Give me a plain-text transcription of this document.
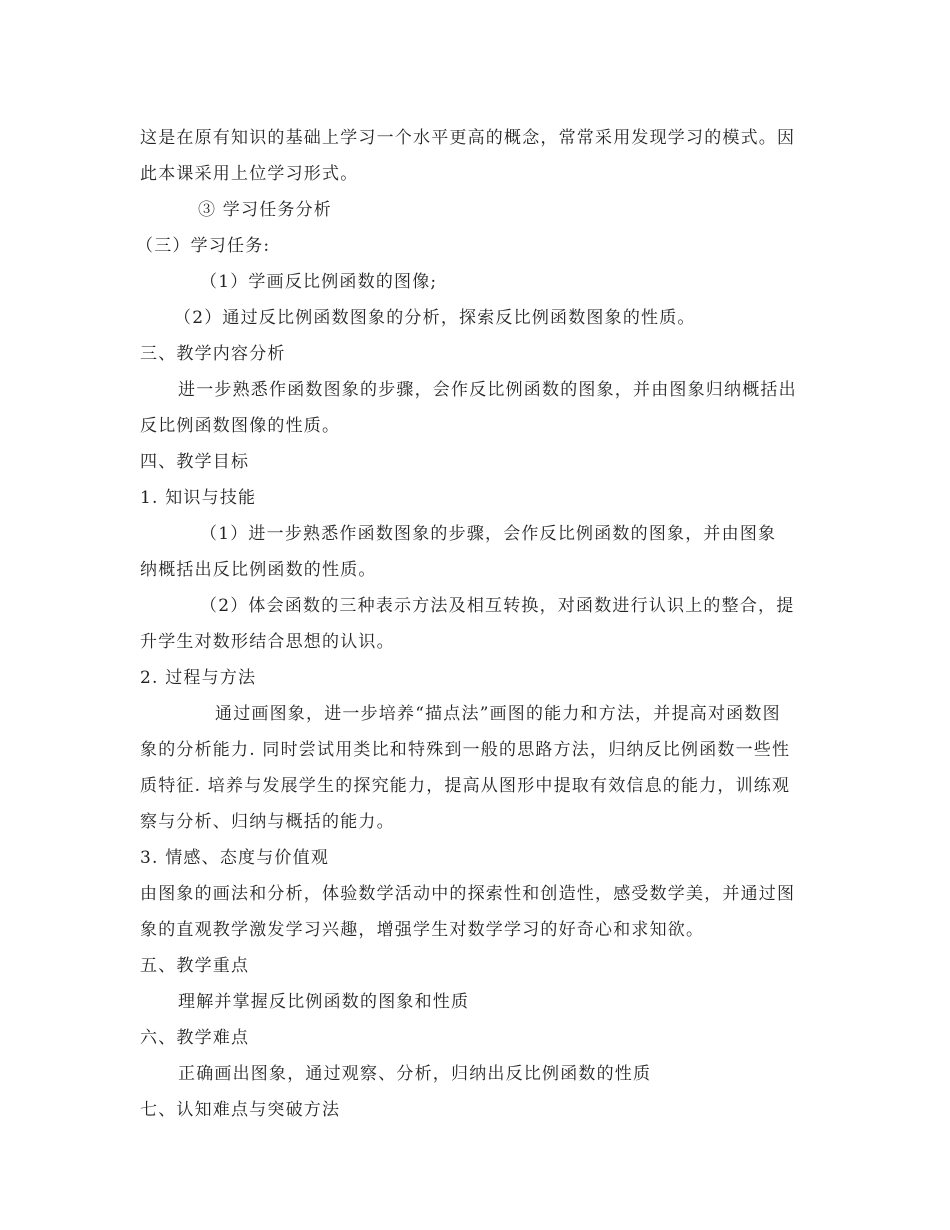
这是在原有知识的基础上学习一个水平更高的概念，常常采用发现学习的模式。因
此本课采用上位学习形式。
③ 学习任务分析
（三）学习任务:
（1）学画反比例函数的图像;
（2）通过反比例函数图象的分析，探索反比例函数图象的性质。
三、教学内容分析
进一步熟悉作函数图象的步骤，会作反比例函数的图象，并由图象归纳概括出
反比例函数图像的性质。
四、教学目标
1. 知识与技能
（1）进一步熟悉作函数图象的步骤，会作反比例函数的图象，并由图象
纳概括出反比例函数的性质。
（2）体会函数的三种表示方法及相互转换，对函数进行认识上的整合，提
升学生对数形结合思想的认识。
2. 过程与方法
通过画图象，进一步培养“描点法”画图的能力和方法，并提高对函数图
象的分析能力. 同时尝试用类比和特殊到一般的思路方法，归纳反比例函数一些性
质特征. 培养与发展学生的探究能力，提高从图形中提取有效信息的能力，训练观
察与分析、归纳与概括的能力。
3. 情感、态度与价值观
由图象的画法和分析，体验数学活动中的探索性和创造性，感受数学美，并通过图
象的直观教学激发学习兴趣，增强学生对数学学习的好奇心和求知欲。
五、教学重点
理解并掌握反比例函数的图象和性质
六、教学难点
正确画出图象，通过观察、分析，归纳出反比例函数的性质
七、认知难点与突破方法
